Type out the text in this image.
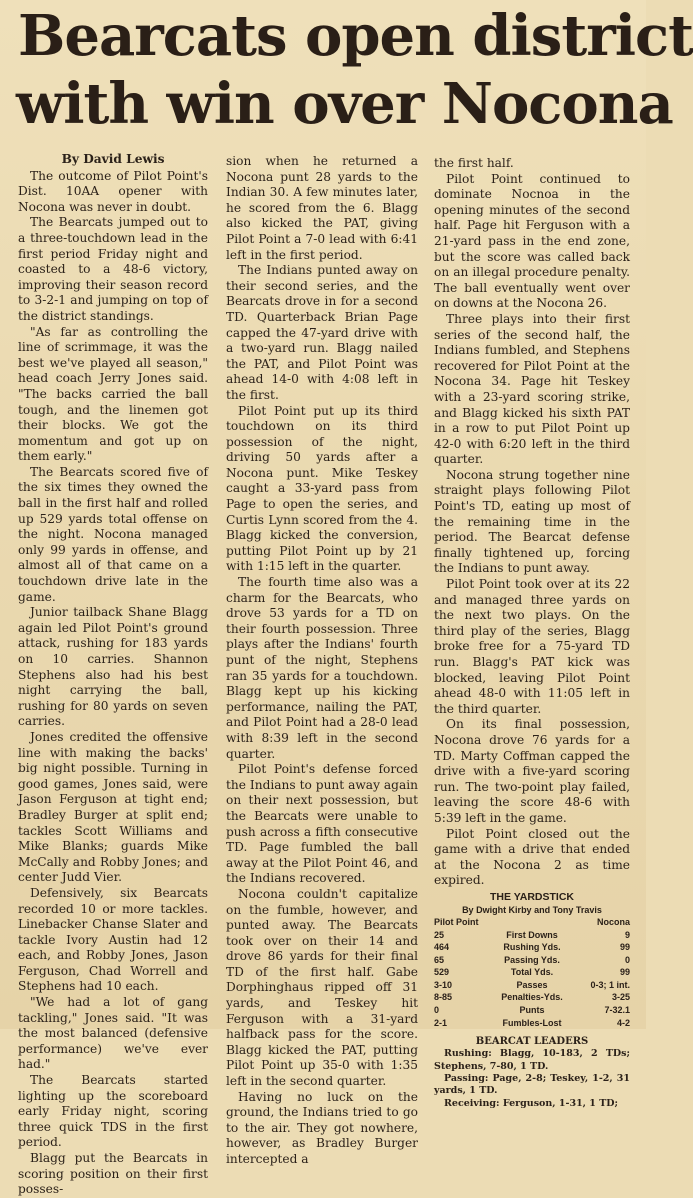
Bearcats open district
with win over Nocona

By David Lewis

The outcome of Pilot Point's Dist. 10AA opener with Nocona was never in doubt.

The Bearcats jumped out to a three-touchdown lead in the first period Friday night and coasted to a 48-6 victory, improving their season record to 3-2-1 and jumping on top of the district standings.

"As far as controlling the line of scrimmage, it was the best we've played all season," head coach Jerry Jones said. "The backs carried the ball tough, and the linemen got their blocks. We got the momentum and got up on them early."

The Bearcats scored five of the six times they owned the ball in the first half and rolled up 529 yards total offense on the night. Nocona managed only 99 yards in offense, and almost all of that came on a touchdown drive late in the game.

Junior tailback Shane Blagg again led Pilot Point's ground attack, rushing for 183 yards on 10 carries. Shannon Stephens also had his best night carrying the ball, rushing for 80 yards on seven carries.

Jones credited the offensive line with making the backs' big night possible. Turning in good games, Jones said, were Jason Ferguson at tight end; Bradley Burger at split end; tackles Scott Williams and Mike Blanks; guards Mike McCally and Robby Jones; and center Judd Vier.

Defensively, six Bearcats recorded 10 or more tackles. Linebacker Chanse Slater and tackle Ivory Austin had 12 each, and Robby Jones, Jason Ferguson, Chad Worrell and Stephens had 10 each.

"We had a lot of gang tackling," Jones said. "It was the most balanced (defensive performance) we've ever had."

The Bearcats started lighting up the scoreboard early Friday night, scoring three quick TDS in the first period.

Blagg put the Bearcats in scoring position on their first posses-

sion when he returned a Nocona punt 28 yards to the Indian 30. A few minutes later, he scored from the 6. Blagg also kicked the PAT, giving Pilot Point a 7-0 lead with 6:41 left in the first period.

The Indians punted away on their second series, and the Bearcats drove in for a second TD. Quarterback Brian Page capped the 47-yard drive with a two-yard run. Blagg nailed the PAT, and Pilot Point was ahead 14-0 with 4:08 left in the first.

Pilot Point put up its third touchdown on its third possession of the night, driving 50 yards after a Nocona punt. Mike Teskey caught a 33-yard pass from Page to open the series, and Curtis Lynn scored from the 4. Blagg kicked the conversion, putting Pilot Point up by 21 with 1:15 left in the quarter.

The fourth time also was a charm for the Bearcats, who drove 53 yards for a TD on their fourth possession. Three plays after the Indians' fourth punt of the night, Stephens ran 35 yards for a touchdown. Blagg kept up his kicking performance, nailing the PAT, and Pilot Point had a 28-0 lead with 8:39 left in the second quarter.

Pilot Point's defense forced the Indians to punt away again on their next possession, but the Bearcats were unable to push across a fifth consecutive TD. Page fumbled the ball away at the Pilot Point 46, and the Indians recovered.

Nocona couldn't capitalize on the fumble, however, and punted away. The Bearcats took over on their 14 and drove 86 yards for their final TD of the first half. Gabe Dorphinghaus ripped off 31 yards, and Teskey hit Ferguson with a 31-yard halfback pass for the score. Blagg kicked the PAT, putting Pilot Point up 35-0 with 1:35 left in the second quarter.

Having no luck on the ground, the Indians tried to go to the air. They got nowhere, however, as Bradley Burger intercepted a

the first half.

Pilot Point continued to dominate Nocnoa in the opening minutes of the second half. Page hit Ferguson with a 21-yard pass in the end zone, but the score was called back on an illegal procedure penalty. The ball eventually went over on downs at the Nocona 26.

Three plays into their first series of the second half, the Indians fumbled, and Stephens recovered for Pilot Point at the Nocona 34. Page hit Teskey with a 23-yard scoring strike, and Blagg kicked his sixth PAT in a row to put Pilot Point up 42-0 with 6:20 left in the third quarter.

Nocona strung together nine straight plays following Pilot Point's TD, eating up most of the remaining time in the period. The Bearcat defense finally tightened up, forcing the Indians to punt away.

Pilot Point took over at its 22 and managed three yards on the next two plays. On the third play of the series, Blagg broke free for a 75-yard TD run. Blagg's PAT kick was blocked, leaving Pilot Point ahead 48-0 with 11:05 left in the third quarter.

On its final possession, Nocona drove 76 yards for a TD. Marty Coffman capped the drive with a five-yard scoring run. The two-point play failed, leaving the score 48-6 with 5:39 left in the game.

Pilot Point closed out the game with a drive that ended at the Nocona 2 as time expired.

THE YARDSTICK
By Dwight Kirby and Tony Travis
Pilot Point	Nocona
25	First Downs	9
464	Rushing Yds.	99
65	Passing Yds.	0
529	Total Yds.	99
3-10	Passes	0-3; 1 int.
8-85	Penalties-Yds.	3-25
0	Punts	7-32.1
2-1	Fumbles-Lost	4-2
BEARCAT LEADERS

Rushing: Blagg, 10-183, 2 TDs; Stephens, 7-80, 1 TD.

Passing: Page, 2-8; Teskey, 1-2, 31 yards, 1 TD.

Receiving: Ferguson, 1-31, 1 TD;
